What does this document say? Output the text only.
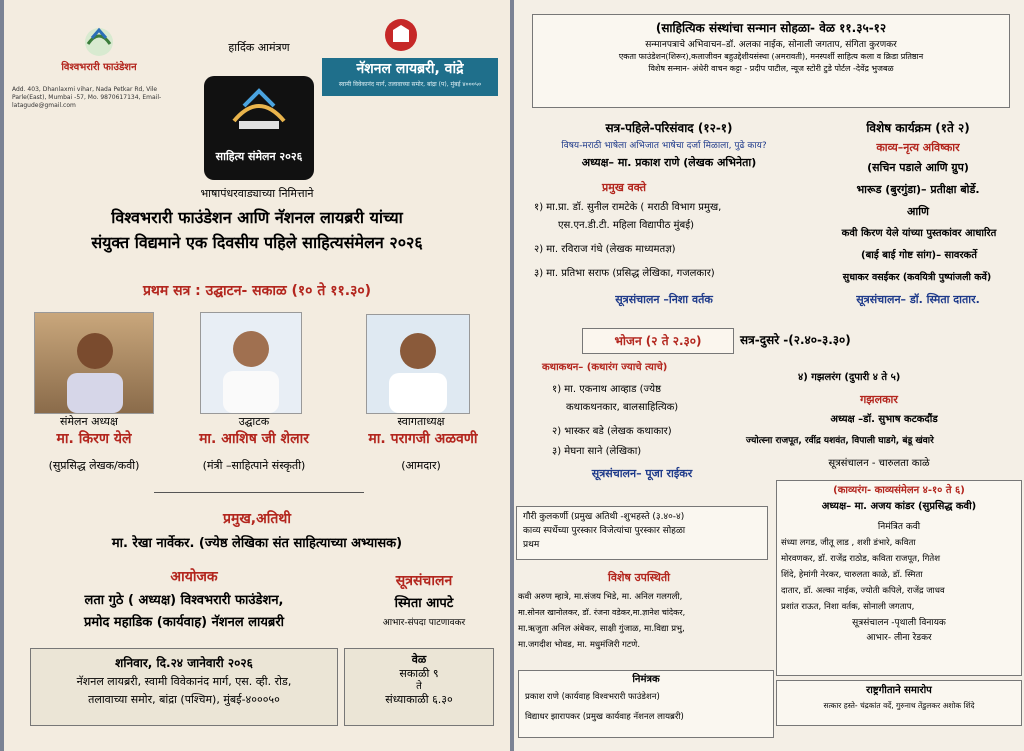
विश्वभरारी फाउंडेशन
Add. 403, Dhanlaxmi vihar, Nada Petkar Rd, Vile Parle(East), Mumbai -57, Mo. 9870617134, Email- latagude@gmail.com
हार्दिक आमंत्रण
नॅशनल लायब्ररी, वांद्रे
स्वामी विवेकानंद मार्ग, तलावाच्या समोर, बांद्रा (प), मुंबई ४०००५०
साहित्य संमेलन २०२६
भाषापंधरवाड्याच्या निमित्ताने
विश्वभरारी फाउंडेशन आणि नॅशनल लायब्ररी यांच्या
संयुक्त विद्यमाने एक दिवसीय पहिले साहित्यसंमेलन २०२६
प्रथम सत्र : उद्घाटन- सकाळ (१० ते ११.३०)
संमेलन अध्यक्ष
मा. किरण येले
(सुप्रसिद्ध लेखक/कवी)
उद्घाटक
मा. आशिष जी शेलार
(मंत्री –साहित्पाने संस्कृती)
स्वागताध्यक्ष
मा. परागजी अळवणी
(आमदार)
प्रमुख,अतिथी
मा. रेखा नार्वेकर. (ज्येष्ठ लेखिका संत साहित्याच्या अभ्यासक)
आयोजक
लता गुठे ( अध्यक्ष) विश्वभरारी फाउंडेशन,
प्रमोद महाडिक (कार्यवाह) नॅशनल लायब्ररी
सूत्रसंचालन
स्मिता आपटे
आभार-संपदा पाटणावकर
शनिवार, दि.२४ जानेवारी २०२६
नॅशनल लायब्ररी, स्वामी विवेकानंद मार्ग, एस. व्ही. रोड,
तलावाच्या समोर, बांद्रा (पश्चिम), मुंबई-४०००५०
वेळ
सकाळी ९
ते
संध्याकाळी ६.३०
(साहित्यिक संस्थांचा सन्मान सोहळा- वेळ ११.३५-१२
सन्मानपत्राचे अभिवाचन–डॉ. अलका नाईक, सोनाली जगताप, संगिता कुरणकर
एकता फाउंडेशन(शिरूर),कलाजीवन बहुउद्देशीयसंस्था (अमरावती), मनस्पर्शी साहित्य कला व क्रिडा प्रतिष्ठान
विशेष सन्मान- अंधेरी वाचन कट्टा - प्रदीप पाटील, न्यूज स्टोरी टुडे पोर्टल -देवेंद्र भुजबळ
सत्र-पहिले-परिसंवाद (१२-१)
विषय-मराठी भाषेला अभिजात भाषेचा दर्जा मिळाला, पुढे काय?
अध्यक्ष– मा. प्रकाश राणे (लेखक अभिनेता)
प्रमुख वक्ते
१) मा.प्रा. डॉ. सुनील रामटेके ( मराठी विभाग प्रमुख,
एस.एन.डी.टी. महिला विद्यापीठ मुंबई)
२) मा. रविराज गंधे (लेखक माध्यमतज्ञ)
३) मा. प्रतिभा सराफ (प्रसिद्ध लेखिका, गजलकार)
सूत्रसंचालन –निशा वर्तक
विशेष कार्यक्रम (१ते २)
काव्य–नृत्य अविष्कार
(सचिन पडाले आणि ग्रुप)
भारूड (बुरगुंडा)– प्रतीक्षा बोर्डे.
आणि
कवी किरण येले यांच्या पुस्तकांवर आधारित
(बाई बाई गोष्ट सांग)– सावरकर्ते
सुधाकर वसईकर (कवयित्री पुष्पांजली कर्वे)
सूत्रसंचालन– डॉ. स्मिता दातार.
भोजन (२ ते २.३०)	सत्र-दुसरे -(२.४०-३.३०)
कथाकथन– (कथारंग ज्याचे त्याचे)
१) मा. एकनाथ आव्हाड (ज्येष्ठ
कथाकथनकार, बालसाहित्यिक)
२) भास्कर बडे (लेखक कथाकार)
३) मेघना साने (लेखिका)
सूत्रसंचालन– पूजा राईकर
४) गझलरंग (दुपारी ४ ते ५)
गझलकार
अध्यक्ष –डॉ. सुभाष कटकदौंड
ज्योत्स्ना राजपूत, रवींद्र यशवंत, विपाली घाडगे, बंडू खंवारे
सूत्रसंचालन - चारुलता काळे
गौरी कुलकर्णी (प्रमुख अतिथी -शुभहस्ते (३.४०-४)
काव्य स्पर्धेच्या पुरस्कार विजेत्यांचा पुरस्कार सोहळा
प्रथम
(काव्यरंग- काव्यसंमेलन ४-१० ते ६)
अध्यक्ष– मा. अजय कांडर (सुप्रसिद्ध कवी)
निमंत्रित कवी
संध्या लगड, जीतू लाड , शशी डंभारे, कविता
मोरवणकर, डॉ. राजेंद्र राठोड, कविता राजपूत, गितेश
शिंदे, हेमांगी नेरकर, चारुलता काळे, डॉ. स्मिता
दातार, डॉ. अल्का नाईक, ज्योती कपिले, राजेंद्र जाधव
प्रशांत राऊत, निशा वर्तक, सोनाली जगताप,
सूत्रसंचालन -पृथाली विनायक
आभार- लीना रेडकर
विशेष उपस्थिती
कवी अरुण म्हात्रे, मा.संजय भिडे, मा. अनिल गलगली,
मा.सोनल खानोलकर, डॉ. रंजना वडेकर,मा.ज्ञानेश चांदेकर,
मा.ऋजुता अनिल अंबेकर, साक्षी गुंजाळ, मा.विद्या प्रभु,
मा.जगदीश भोवड, मा. मधुमंजिरी गटणे.
निमंत्रक
प्रकाश राणे (कार्यवाह विश्वभरारी फाउंडेशन)
विद्याधर झारापकर (प्रमुख कार्यवाह नॅशनल लायब्ररी)
राष्ट्रगीताने समारोप
सत्कार हस्ते- चंद्रकांत वर्दे, गुरुनाथ तेंडुलकर अशोक शिंदे
